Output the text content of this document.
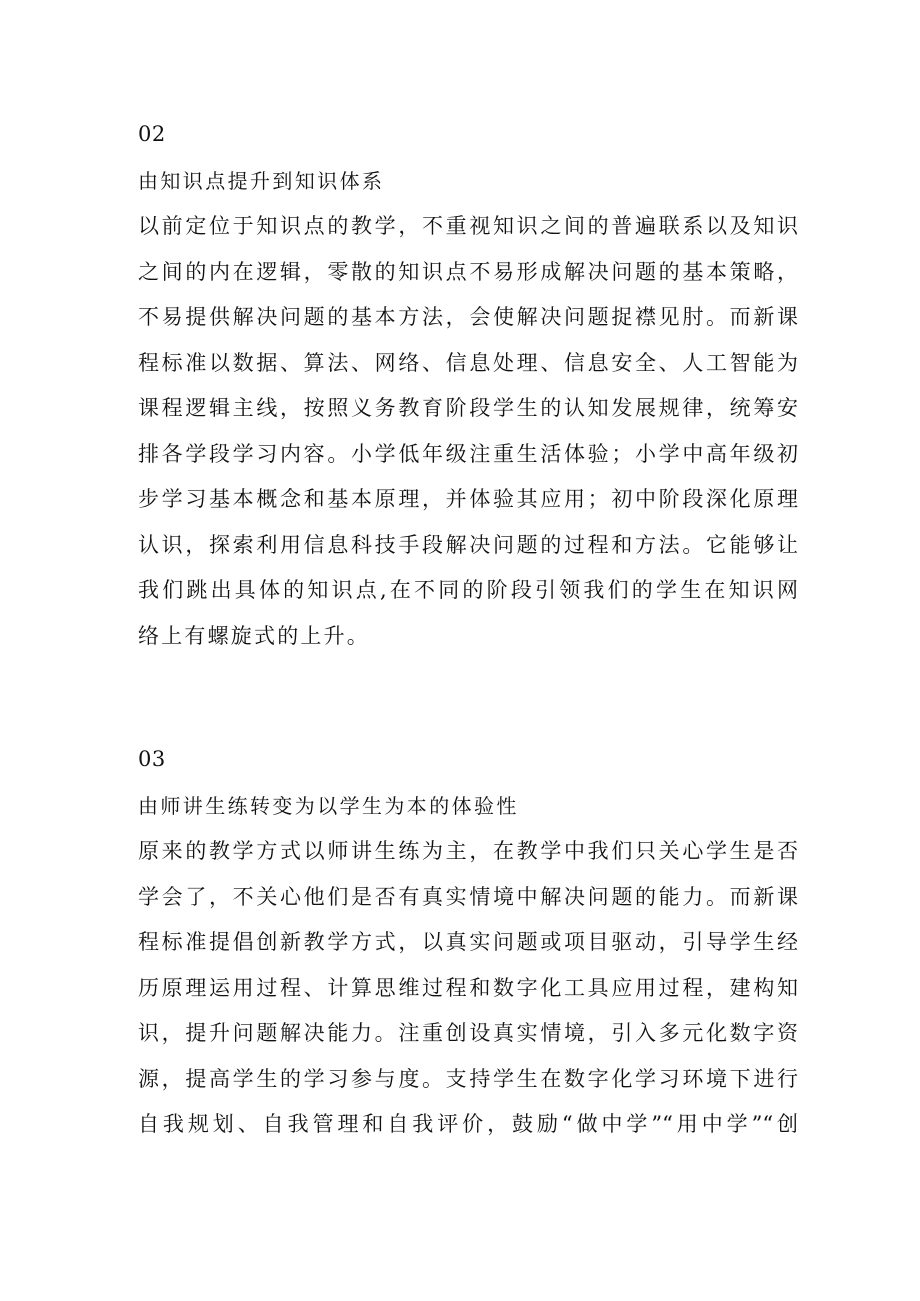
02
由知识点提升到知识体系
以前定位于知识点的教学，不重视知识之间的普遍联系以及知识
之间的内在逻辑，零散的知识点不易形成解决问题的基本策略，
不易提供解决问题的基本方法，会使解决问题捉襟见肘。而新课
程标准以数据、算法、网络、信息处理、信息安全、人工智能为
课程逻辑主线，按照义务教育阶段学生的认知发展规律，统筹安
排各学段学习内容。小学低年级注重生活体验；小学中高年级初
步学习基本概念和基本原理，并体验其应用；初中阶段深化原理
认识，探索利用信息科技手段解决问题的过程和方法。它能够让
我们跳出具体的知识点,在不同的阶段引领我们的学生在知识网
络上有螺旋式的上升。
03
由师讲生练转变为以学生为本的体验性
原来的教学方式以师讲生练为主，在教学中我们只关心学生是否
学会了，不关心他们是否有真实情境中解决问题的能力。而新课
程标准提倡创新教学方式，以真实问题或项目驱动，引导学生经
历原理运用过程、计算思维过程和数字化工具应用过程，建构知
识，提升问题解决能力。注重创设真实情境，引入多元化数字资
源，提高学生的学习参与度。支持学生在数字化学习环境下进行
自我规划、自我管理和自我评价，鼓励“做中学”“用中学”“创
